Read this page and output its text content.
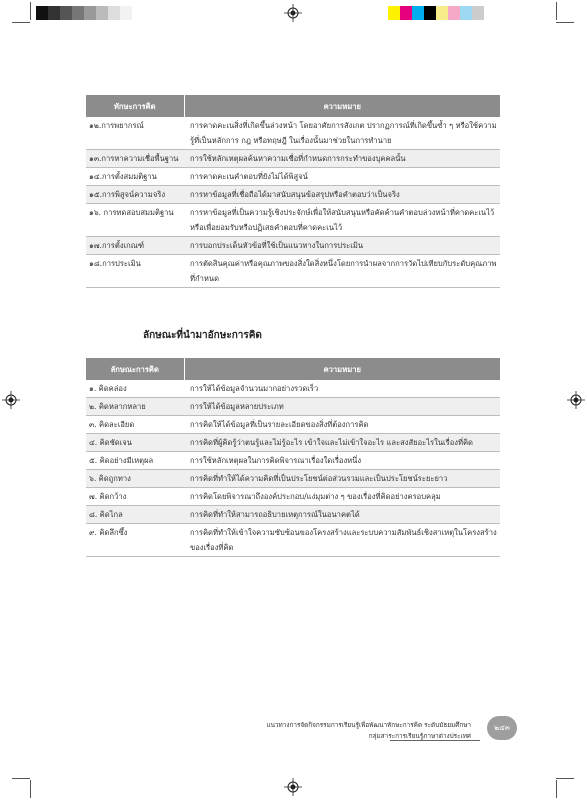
ทักษะการคิด	ความหมาย
๑๒.การพยากรณ์	การคาดคะเนสิ่งที่เกิดขึ้นล่วงหน้า โดยอาศัยการสังเกต ปรากฏการณ์ที่เกิดขึ้นซ้ำ ๆ หรือใช้ความรู้ที่เป็นหลักการ กฎ หรือทฤษฎี ในเรื่องนั้นมาช่วยในการทำนาย
๑๓.การหาความเชื่อพื้นฐาน	การใช้หลักเหตุผลค้นหาความเชื่อที่กำหนดการกระทำของบุคคลนั้น
๑๔.การตั้งสมมติฐาน	การคาดคะเนคำตอบที่ยังไม่ได้พิสูจน์
๑๕.การพิสูจน์ความจริง	การหาข้อมูลที่เชื่อถือได้มาสนับสนุนข้อสรุปหรือคำตอบว่าเป็นจริง
๑๖. การทดสอบสมมติฐาน	การหาข้อมูลที่เป็นความรู้เชิงประจักษ์เพื่อให้สนับสนุนหรือคัดค้านคำตอบล่วงหน้าที่คาดคะเนไว้ หรือเพื่อยอมรับหรือปฏิเสธคำตอบที่คาดคะเนไว้
๑๗.การตั้งเกณฑ์	การบอกประเด็นหัวข้อที่ใช้เป็นแนวทางในการประเมิน
๑๘.การประเมิน	การตัดสินคุณค่าหรือคุณภาพของสิ่งใดสิ่งหนึ่งโดยการนำผลจากการวัดไปเทียบกับระดับคุณภาพที่กำหนด
ลักษณะที่นำมาอักษะการคิด
ลักษณะการคิด	ความหมาย
๑. คิดคล่อง	การให้ได้ข้อมูลจำนวนมากอย่างรวดเร็ว
๒. คิดหลากหลาย	การให้ได้ข้อมูลหลายประเภท
๓. คิดละเอียด	การคิดให้ได้ข้อมูลที่เป็นรายละเอียดของสิ่งที่ต้องการคิด
๔. คิดชัดเจน	การคิดที่ผู้คิดรู้ว่าตนรู้และไม่รู้อะไร เข้าใจและไม่เข้าใจอะไร และสงสัยอะไรในเรื่องที่คิด
๕. คิดอย่างมีเหตุผล	การใช้หลักเหตุผลในการคิดพิจารณาเรื่องใดเรื่องหนึ่ง
๖. คิดถูกทาง	การคิดที่ทำให้ได้ความคิดที่เป็นประโยชน์ต่อส่วนรวมและเป็นประโยชน์ระยะยาว
๗. คิดกว้าง	การคิดโดยพิจารณาถึงองค์ประกอบ/แง่มุมต่าง ๆ ของเรื่องที่คิดอย่างครอบคลุม
๘. คิดไกล	การคิดที่ทำให้สามารถอธิบายเหตุการณ์ในอนาคตได้
๙. คิดลึกซึ้ง	การคิดที่ทำให้เข้าใจความซับซ้อนของโครงสร้างและระบบความสัมพันธ์เชิงสาเหตุในโครงสร้างของเรื่องที่คิด
แนวทางการจัดกิจกรรมการเรียนรู้เพื่อพัฒนาทักษะการคิด ระดับมัธยมศึกษา
กลุ่มสาระการเรียนรู้ภาษาต่างประเทศ
๒๔๓
